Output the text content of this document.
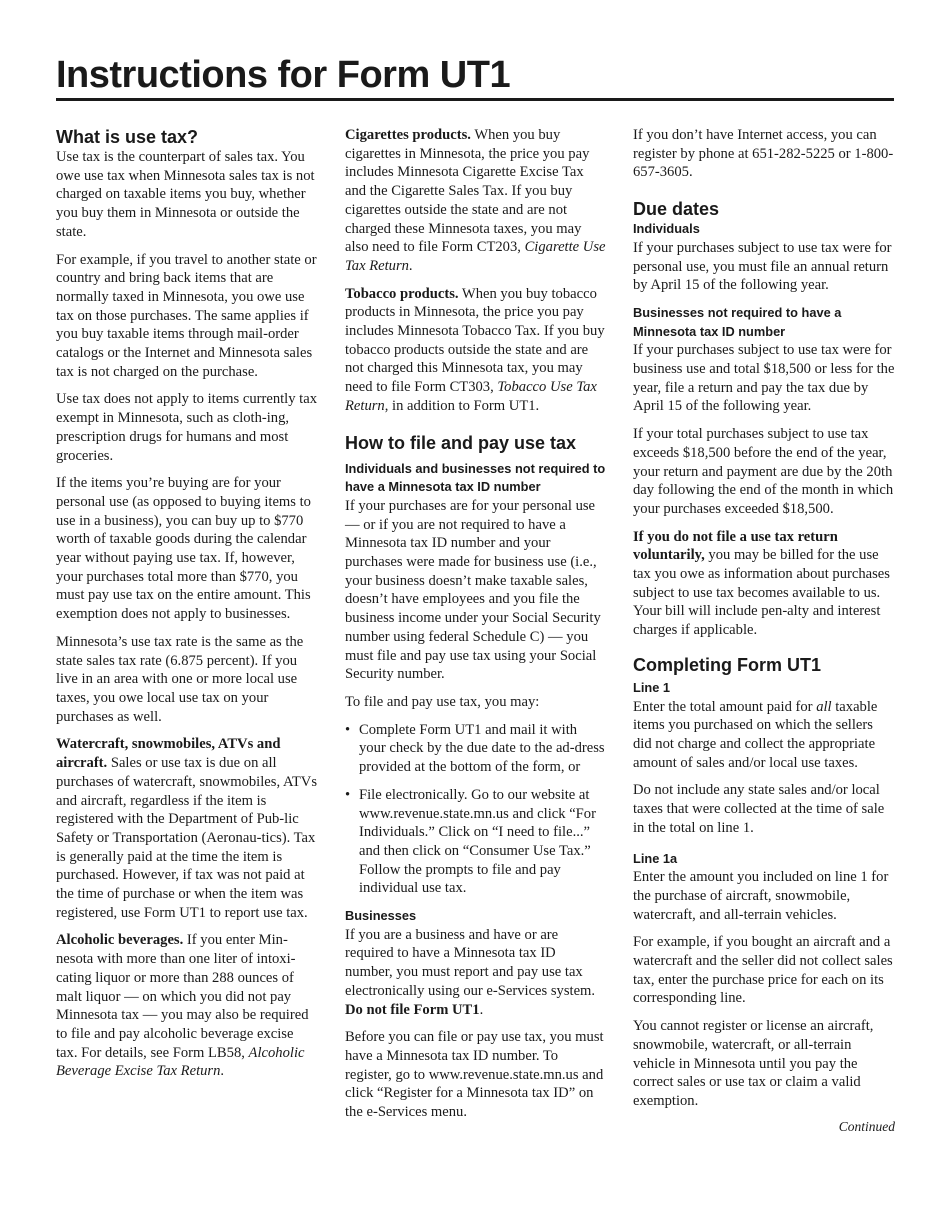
Instructions for Form UT1
What is use tax?

Use tax is the counterpart of sales tax. You owe use tax when Minnesota sales tax is not charged on taxable items you buy, whether you buy them in Minnesota or outside the state.

For example, if you travel to another state or country and bring back items that are normally taxed in Minnesota, you owe use tax on those purchases. The same applies if you buy taxable items through mail-order catalogs or the Internet and Minnesota sales tax is not charged on the purchase.

Use tax does not apply to items currently tax exempt in Minnesota, such as cloth-ing, prescription drugs for humans and most groceries.

If the items you’re buying are for your personal use (as opposed to buying items to use in a business), you can buy up to $770 worth of taxable goods during the calendar year without paying use tax. If, however, your purchases total more than $770, you must pay use tax on the entire amount. This exemption does not apply to businesses.

Minnesota’s use tax rate is the same as the state sales tax rate (6.875 percent). If you live in an area with one or more local use taxes, you owe local use tax on your purchases as well.

Watercraft, snowmobiles, ATVs and aircraft. Sales or use tax is due on all purchases of watercraft, snowmobiles, ATVs and aircraft, regardless if the item is registered with the Department of Pub-lic Safety or Transportation (Aeronau-tics). Tax is generally paid at the time the item is purchased. However, if tax was not paid at the time of purchase or when the item was registered, use Form UT1 to report use tax.

Alcoholic beverages. If you enter Min-nesota with more than one liter of intoxi-cating liquor or more than 288 ounces of malt liquor — on which you did not pay Minnesota tax — you may also be required to file and pay alcoholic beverage excise tax. For details, see Form LB58, Alcoholic Beverage Excise Tax Return.

Cigarettes products. When you buy cigarettes in Minnesota, the price you pay includes Minnesota Cigarette Excise Tax and the Cigarette Sales Tax. If you buy cigarettes outside the state and are not charged these Minnesota taxes, you may also need to file Form CT203, Cigarette Use Tax Return.

Tobacco products. When you buy tobacco products in Minnesota, the price you pay includes Minnesota Tobacco Tax. If you buy tobacco products outside the state and are not charged this Minnesota tax, you may need to file Form CT303, Tobacco Use Tax Return, in addition to Form UT1.

How to file and pay use tax
Individuals and businesses not required to have a Minnesota tax ID number

If your purchases are for your personal use — or if you are not required to have a Minnesota tax ID number and your purchases were made for business use (i.e., your business doesn’t make taxable sales, doesn’t have employees and you file the business income under your Social Security number using federal Schedule C) — you must file and pay use tax using your Social Security number.

To file and pay use tax, you may:

• Complete Form UT1 and mail it with your check by the due date to the ad-dress provided at the bottom of the form, or
• File electronically. Go to our website at www.revenue.state.mn.us and click “For Individuals.” Click on “I need to file...” and then click on “Consumer Use Tax.” Follow the prompts to file and pay individual use tax.
Businesses

If you are a business and have or are required to have a Minnesota tax ID number, you must report and pay use tax electronically using our e-Services system. Do not file Form UT1.

Before you can file or pay use tax, you must have a Minnesota tax ID number. To register, go to www.revenue.state.mn.us and click “Register for a Minnesota tax ID” on the e-Services menu.

If you don’t have Internet access, you can register by phone at 651-282-5225 or 1-800-657-3605.

Due dates
Individuals

If your purchases subject to use tax were for personal use, you must file an annual return by April 15 of the following year.

Businesses not required to have a Minnesota tax ID number

If your purchases subject to use tax were for business use and total $18,500 or less for the year, file a return and pay the tax due by April 15 of the following year.

If your total purchases subject to use tax exceeds $18,500 before the end of the year, your return and payment are due by the 20th day following the end of the month in which your purchases exceeded $18,500.

If you do not file a use tax return voluntarily, you may be billed for the use tax you owe as information about purchases subject to use tax becomes available to us. Your bill will include pen-alty and interest charges if applicable.

Completing Form UT1
Line 1

Enter the total amount paid for all taxable items you purchased on which the sellers did not charge and collect the appropriate amount of sales and/or local use taxes.

Do not include any state sales and/or local taxes that were collected at the time of sale in the total on line 1.

Line 1a

Enter the amount you included on line 1 for the purchase of aircraft, snowmobile, watercraft, and all-terrain vehicles.

For example, if you bought an aircraft and a watercraft and the seller did not collect sales tax, enter the purchase price for each on its corresponding line.

You cannot register or license an aircraft, snowmobile, watercraft, or all-terrain vehicle in Minnesota until you pay the correct sales or use tax or claim a valid exemption.

Continued
